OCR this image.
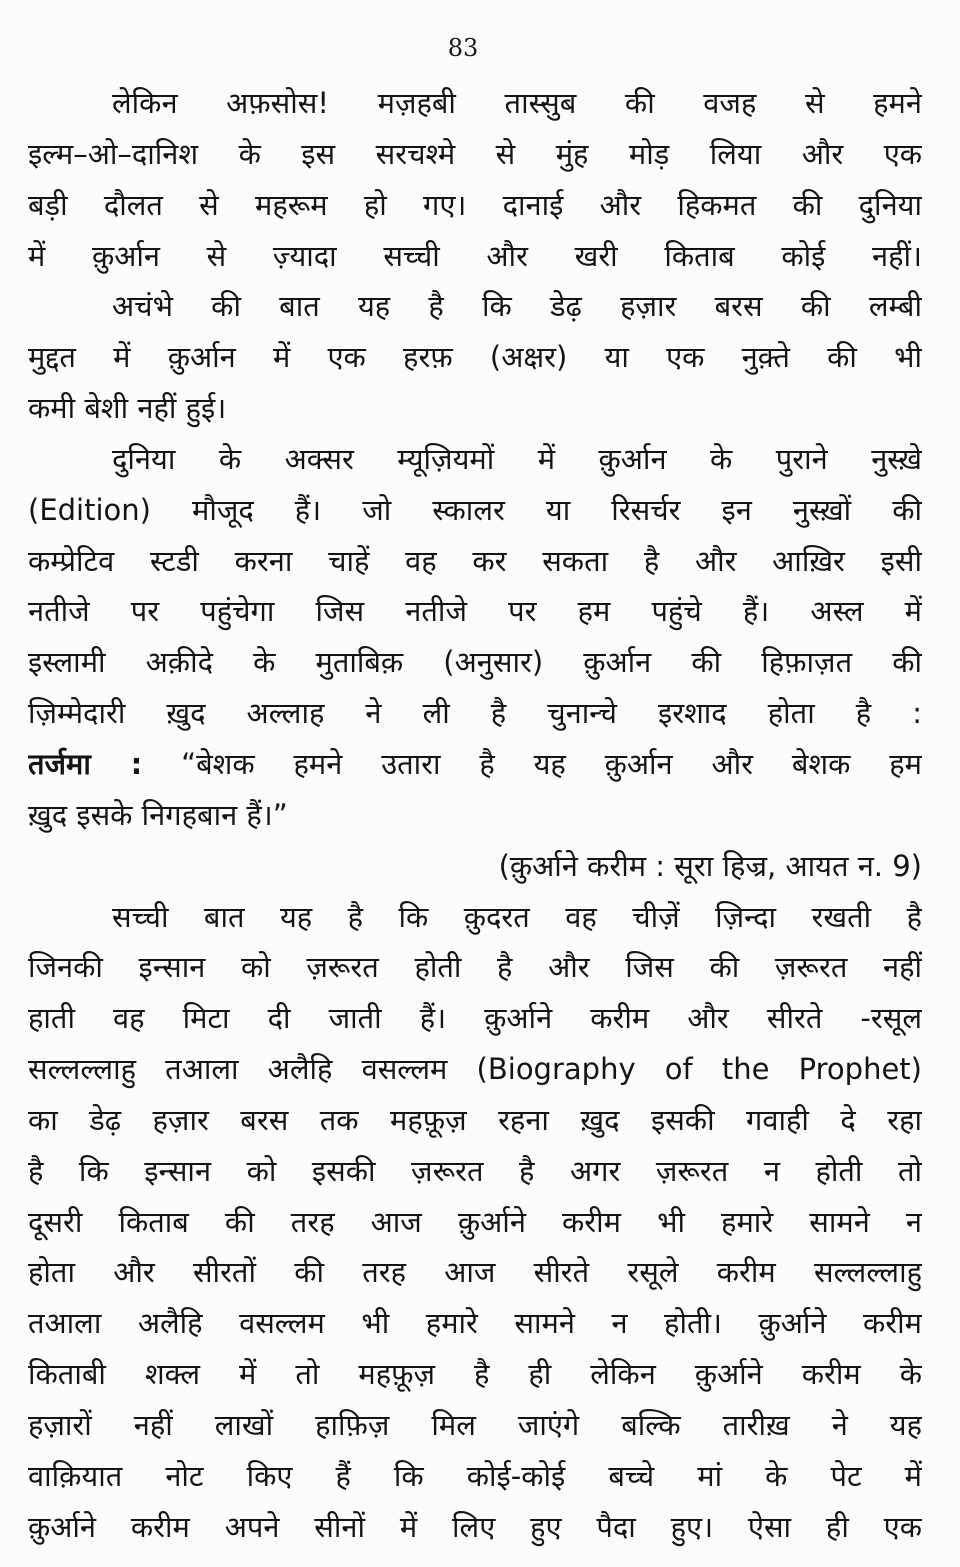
83
लेकिन अफ़सोस! मज़हबी तास्सुब की वजह से हमने
इल्म–ओ–दानिश के इस सरचश्मे से मुंह मोड़ लिया और एक
बड़ी दौलत से महरूम हो गए। दानाई और हिकमत की दुनिया
में क़ुर्आन से ज़्यादा सच्ची और खरी किताब कोई नहीं।
अचंभे की बात यह है कि डेढ़ हज़ार बरस की लम्बी
मुद्दत में क़ुर्आन में एक हरफ़ (अक्षर) या एक नुक़्ते की भी
कमी बेशी नहीं हुई।
दुनिया के अक्सर म्यूज़ियमों में क़ुर्आन के पुराने नुस्ख़े
(Edition) मौजूद हैं। जो स्कालर या रिसर्चर इन नुस्ख़ों की
कम्प्रेटिव स्टडी करना चाहें वह कर सकता है और आख़िर इसी
नतीजे पर पहुंचेगा जिस नतीजे पर हम पहुंचे हैं। अस्ल में
इस्लामी अक़ीदे के मुताबिक़ (अनुसार) क़ुर्आन की हिफ़ाज़त की
ज़िम्मेदारी ख़ुद अल्लाह ने ली है चुनान्चे इरशाद होता है :
तर्जमा : “बेशक हमने उतारा है यह क़ुर्आन और बेशक हम
ख़ुद इसके निगहबान हैं।”
(क़ुर्आने करीम : सूरा हिज्र, आयत न. 9)
सच्ची बात यह है कि क़ुदरत वह चीज़ें ज़िन्दा रखती है
जिनकी इन्सान को ज़रूरत होती है और जिस की ज़रूरत नहीं
हाती वह मिटा दी जाती हैं। क़ुर्आने करीम और सीरते -रसूल
सल्लल्लाहु तआला अलैहि वसल्लम (Biography of the Prophet)
का डेढ़ हज़ार बरस तक महफ़ूज़ रहना ख़ुद इसकी गवाही दे रहा
है कि इन्सान को इसकी ज़रूरत है अगर ज़रूरत न होती तो
दूसरी किताब की तरह आज क़ुर्आने करीम भी हमारे सामने न
होता और सीरतों की तरह आज सीरते रसूले करीम सल्लल्लाहु
तआला अलैहि वसल्लम भी हमारे सामने न होती। क़ुर्आने करीम
किताबी शक्ल में तो महफ़ूज़ है ही लेकिन क़ुर्आने करीम के
हज़ारों नहीं लाखों हाफ़िज़ मिल जाएंगे बल्कि तारीख़ ने यह
वाक़ियात नोट किए हैं कि कोई-कोई बच्चे मां के पेट में
क़ुर्आने करीम अपने सीनों में लिए हुए पैदा हुए। ऐसा ही एक
